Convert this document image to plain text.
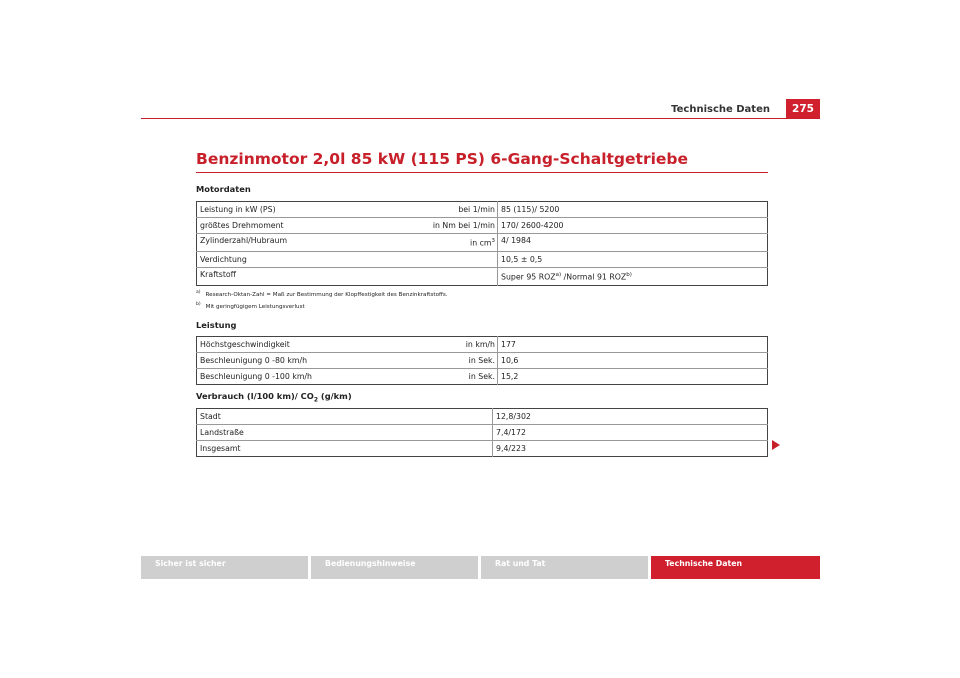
Technische Daten	275
Benzinmotor 2,0l 85 kW (115 PS) 6-Gang-Schaltgetriebe
Motordaten
Leistung in kW (PS)	bei 1/min	85 (115)/ 5200
größtes Drehmoment	in Nm bei 1/min	170/ 2600-4200
Zylinderzahl/Hubraum	in cm$^3$	4/ 1984
Verdichtung		10,5 ± 0,5
Kraftstoff		Super 95 ROZ$^{a)}$ /Normal 91 ROZ$^{b)}$
$^{a)}$ Research-Oktan-Zahl = Maß zur Bestimmung der Klopffestigkeit des Benzinkraftstoffs.
$^{b)}$ Mit geringfügigem Leistungsverlust
Leistung
Höchstgeschwindigkeit	in km/h	177
Beschleunigung 0 -80 km/h	in Sek.	10,6
Beschleunigung 0 -100 km/h	in Sek.	15,2
Verbrauch (l/100 km)/ $CO_2$ (g/km)
Stadt	12,8/302
Landstraße	7,4/172
Insgesamt	9,4/223
Sicher ist sicher	Bedienungshinweise	Rat und Tat	Technische Daten
